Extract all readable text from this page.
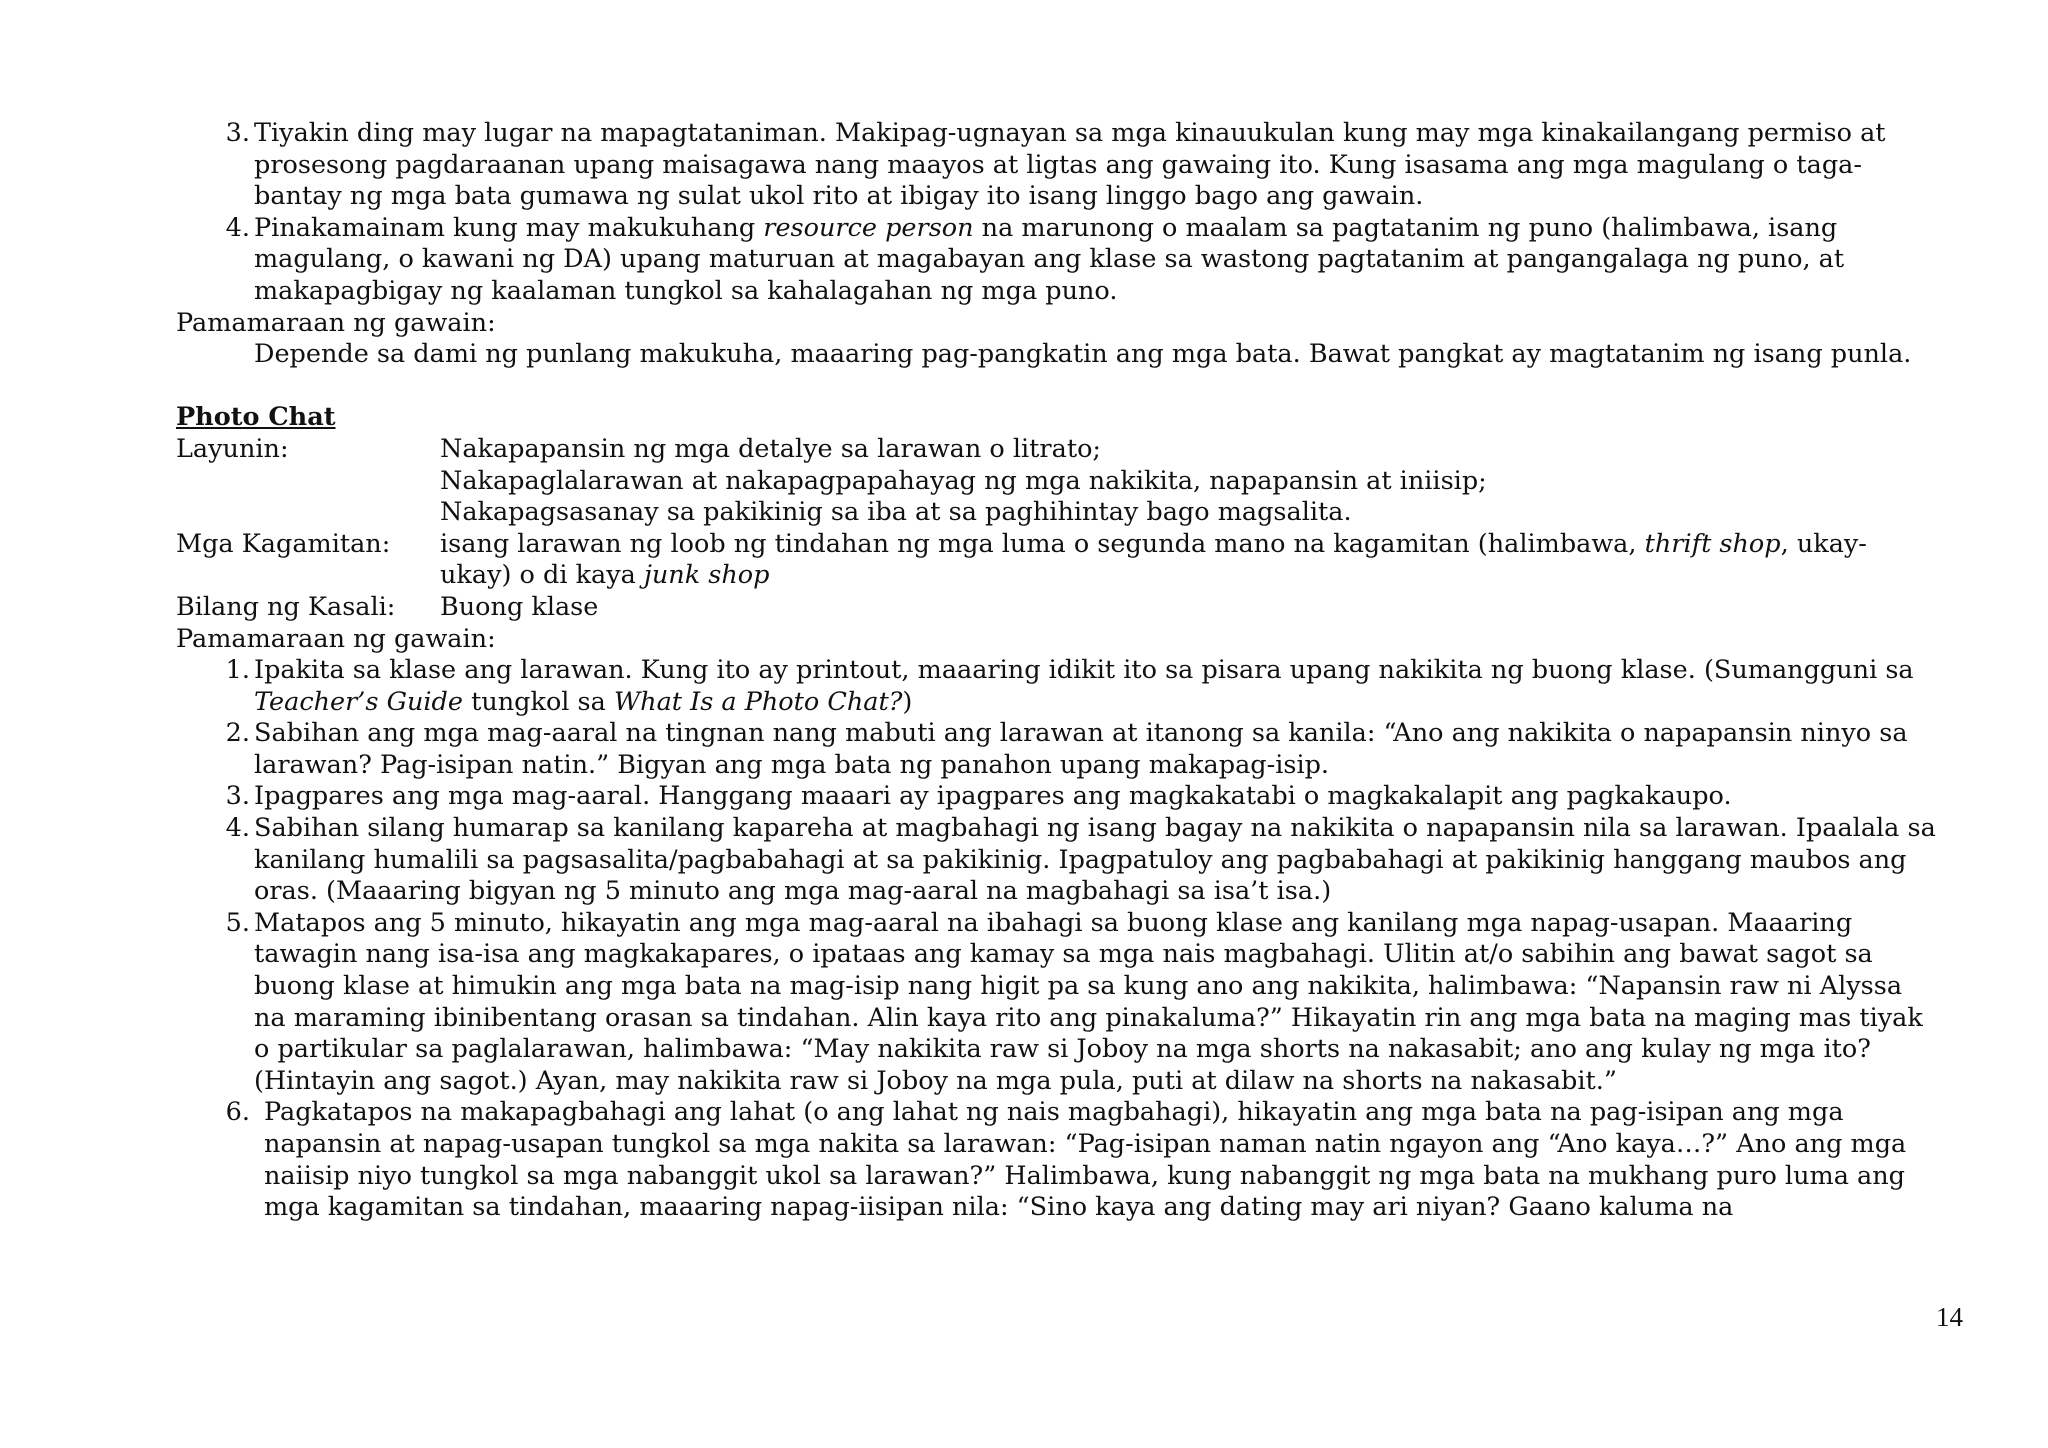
3. Tiyakin ding may lugar na mapagtataniman. Makipag-ugnayan sa mga kinauukulan kung may mga kinakailangang permiso at prosesong pagdaraanan upang maisagawa nang maayos at ligtas ang gawaing ito. Kung isasama ang mga magulang o taga-bantay ng mga bata gumawa ng sulat ukol rito at ibigay ito isang linggo bago ang gawain.
4. Pinakamainam kung may makukuhang resource person na marunong o maalam sa pagtatanim ng puno (halimbawa, isang magulang, o kawani ng DA) upang maturuan at magabayan ang klase sa wastong pagtatanim at pangangalaga ng puno, at makapagbigay ng kaalaman tungkol sa kahalagahan ng mga puno.

Pamamaraan ng gawain:

Depende sa dami ng punlang makukuha, maaaring pag-pangkatin ang mga bata. Bawat pangkat ay magtatanim ng isang punla.

Photo Chat

Layunin:	Nakapapansin ng mga detalye sa larawan o litrato;
Nakapaglalarawan at nakapagpapahayag ng mga nakikita, napapansin at iniisip;
Nakapagsasanay sa pakikinig sa iba at sa paghihintay bago magsalita.
Mga Kagamitan:	isang larawan ng loob ng tindahan ng mga luma o segunda mano na kagamitan (halimbawa, thrift shop, ukay-ukay) o di kaya junk shop
Bilang ng Kasali:	Buong klase

Pamamaraan ng gawain:

1. Ipakita sa klase ang larawan. Kung ito ay printout, maaaring idikit ito sa pisara upang nakikita ng buong klase. (Sumangguni sa Teacher’s Guide tungkol sa What Is a Photo Chat?)
2. Sabihan ang mga mag-aaral na tingnan nang mabuti ang larawan at itanong sa kanila: “Ano ang nakikita o napapansin ninyo sa larawan? Pag-isipan natin.” Bigyan ang mga bata ng panahon upang makapag-isip.
3. Ipagpares ang mga mag-aaral. Hanggang maaari ay ipagpares ang magkakatabi o magkakalapit ang pagkakaupo.
4. Sabihan silang humarap sa kanilang kapareha at magbahagi ng isang bagay na nakikita o napapansin nila sa larawan. Ipaalala sa kanilang humalili sa pagsasalita/pagbabahagi at sa pakikinig. Ipagpatuloy ang pagbabahagi at pakikinig hanggang maubos ang oras. (Maaaring bigyan ng 5 minuto ang mga mag-aaral na magbahagi sa isa’t isa.)
5. Matapos ang 5 minuto, hikayatin ang mga mag-aaral na ibahagi sa buong klase ang kanilang mga napag-usapan. Maaaring tawagin nang isa-isa ang magkakapares, o ipataas ang kamay sa mga nais magbahagi. Ulitin at/o sabihin ang bawat sagot sa buong klase at himukin ang mga bata na mag-isip nang higit pa sa kung ano ang nakikita, halimbawa: “Napansin raw ni Alyssa na maraming ibinibentang orasan sa tindahan. Alin kaya rito ang pinakaluma?” Hikayatin rin ang mga bata na maging mas tiyak o partikular sa paglalarawan, halimbawa: “May nakikita raw si Joboy na mga shorts na nakasabit; ano ang kulay ng mga ito? (Hintayin ang sagot.) Ayan, may nakikita raw si Joboy na mga pula, puti at dilaw na shorts na nakasabit.”
6. Pagkatapos na makapagbahagi ang lahat (o ang lahat ng nais magbahagi), hikayatin ang mga bata na pag-isipan ang mga napansin at napag-usapan tungkol sa mga nakita sa larawan: “Pag-isipan naman natin ngayon ang “Ano kaya…?” Ano ang mga naiisip niyo tungkol sa mga nabanggit ukol sa larawan?” Halimbawa, kung nabanggit ng mga bata na mukhang puro luma ang mga kagamitan sa tindahan, maaaring napag-iisipan nila: “Sino kaya ang dating may ari niyan? Gaano kaluma na
14
